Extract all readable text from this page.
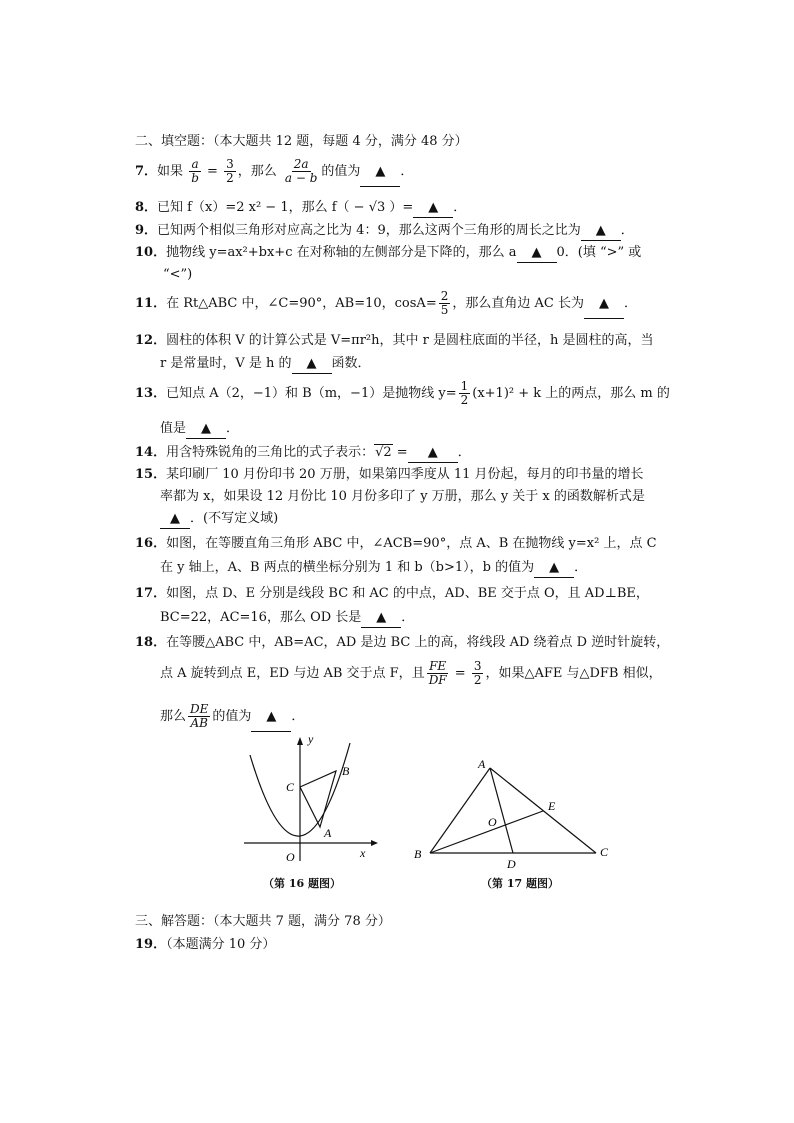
二、填空题：（本大题共 12 题，每题 4 分，满分 48 分）
7．如果 $\frac{a}{b} = \frac{3}{2}$ ，那么 $\frac{2a}{a - b}$ 的值为 ▲ ．
8．已知 f（x）=2 x² − 1，那么 f（ − √3 ）= ▲ ．
9．已知两个相似三角形对应高之比为 4：9，那么这两个三角形的周长之比为 ▲ ．
10．抛物线 y=ax²+bx+c 在对称轴的左侧部分是下降的，那么 a ▲ 0．(填 “>” 或
“<”)
11．在 Rt△ABC 中，∠C=90°，AB=10，$\cos A= \frac{2}{5}$ ，那么直角边 AC 长为 ▲ ．
12．圆柱的体积 V 的计算公式是 V=πr²h，其中 r 是圆柱底面的半径，h 是圆柱的高，当
r 是常量时，V 是 h 的 ▲ 函数．
13．已知点 A（2，−1）和 B（m，−1）是抛物线 $y= \frac{1}{2} (x+1)^2 + k$ 上的两点，那么 m 的
值是 ▲ ．
14．用含特殊锐角的三角比的式子表示：√2 = ▲ ．
15．某印刷厂 10 月份印书 20 万册，如果第四季度从 11 月份起，每月的印书量的增长
率都为 x，如果设 12 月份比 10 月份多印了 y 万册，那么 y 关于 x 的函数解析式是
▲ ．(不写定义域)
16．如图，在等腰直角三角形 ABC 中，∠ACB=90°，点 A、B 在抛物线 y=x² 上，点 C
在 y 轴上，A、B 两点的横坐标分别为 1 和 b（b>1），b 的值为 ▲ ．
17．如图，点 D、E 分别是线段 BC 和 AC 的中点，AD、BE 交于点 O，且 AD⊥BE，
BC=22，AC=16，那么 OD 长是 ▲ ．
18．在等腰△ABC 中，AB=AC，AD 是边 BC 上的高，将线段 AD 绕着点 D 逆时针旋转，
点 A 旋转到点 E，ED 与边 AB 交于点 F，且 $\frac{FE}{DF} = \frac{3}{2}$ ，如果△AFE 与△DFB 相似，
那么 $\frac{DE}{AB}$ 的值为 ▲ ．
y
x
O
C
B
A
（第 16 题图）
A
E
O
B
D
C
（第 17 题图）
三、解答题：（本大题共 7 题，满分 78 分）
19．（本题满分 10 分）
